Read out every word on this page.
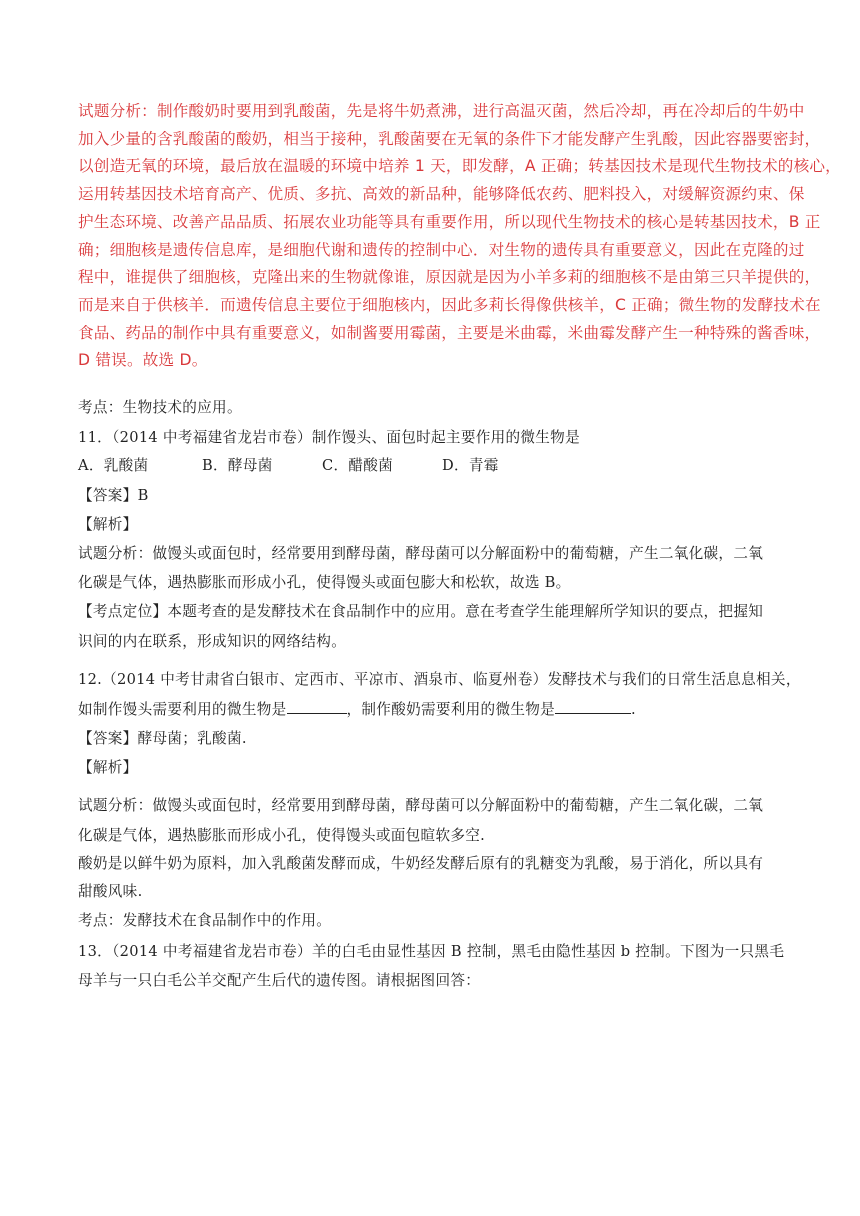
试题分析：制作酸奶时要用到乳酸菌，先是将牛奶煮沸，进行高温灭菌，然后冷却，再在冷却后的牛奶中

加入少量的含乳酸菌的酸奶，相当于接种，乳酸菌要在无氧的条件下才能发酵产生乳酸，因此容器要密封，

以创造无氧的环境，最后放在温暖的环境中培养 1 天，即发酵，A 正确；转基因技术是现代生物技术的核心，

运用转基因技术培育高产、优质、多抗、高效的新品种，能够降低农药、肥料投入，对缓解资源约束、保

护生态环境、改善产品品质、拓展农业功能等具有重要作用，所以现代生物技术的核心是转基因技术，B 正

确；细胞核是遗传信息库，是细胞代谢和遗传的控制中心．对生物的遗传具有重要意义，因此在克隆的过

程中，谁提供了细胞核，克隆出来的生物就像谁，原因就是因为小羊多莉的细胞核不是由第三只羊提供的，

而是来自于供核羊．而遗传信息主要位于细胞核内，因此多莉长得像供核羊，C 正确；微生物的发酵技术在

食品、药品的制作中具有重要意义，如制酱要用霉菌，主要是米曲霉，米曲霉发酵产生一种特殊的酱香味，

D 错误。故选 D。

考点：生物技术的应用。
11．（2014 中考福建省龙岩市卷）制作馒头、面包时起主要作用的微生物是
A．乳酸菌	B．酵母菌	C．醋酸菌	D．青霉
【答案】B
【解析】
试题分析：做馒头或面包时，经常要用到酵母菌，酵母菌可以分解面粉中的葡萄糖，产生二氧化碳，二氧
化碳是气体，遇热膨胀而形成小孔，使得馒头或面包膨大和松软，故选 B。
【考点定位】本题考查的是发酵技术在食品制作中的应用。意在考查学生能理解所学知识的要点，把握知
识间的内在联系，形成知识的网络结构。
12.（2014 中考甘肃省白银市、定西市、平凉市、酒泉市、临夏州卷）发酵技术与我们的日常生活息息相关，
如制作馒头需要利用的微生物是	，制作酸奶需要利用的微生物是	.
【答案】酵母菌；乳酸菌.
【解析】
试题分析：做馒头或面包时，经常要用到酵母菌，酵母菌可以分解面粉中的葡萄糖，产生二氧化碳，二氧
化碳是气体，遇热膨胀而形成小孔，使得馒头或面包暄软多空.
酸奶是以鲜牛奶为原料，加入乳酸菌发酵而成，牛奶经发酵后原有的乳糖变为乳酸，易于消化，所以具有
甜酸风味.
考点：发酵技术在食品制作中的作用。
13．（2014 中考福建省龙岩市卷）羊的白毛由显性基因 B 控制，黑毛由隐性基因 b 控制。下图为一只黑毛
母羊与一只白毛公羊交配产生后代的遗传图。请根据图回答：
